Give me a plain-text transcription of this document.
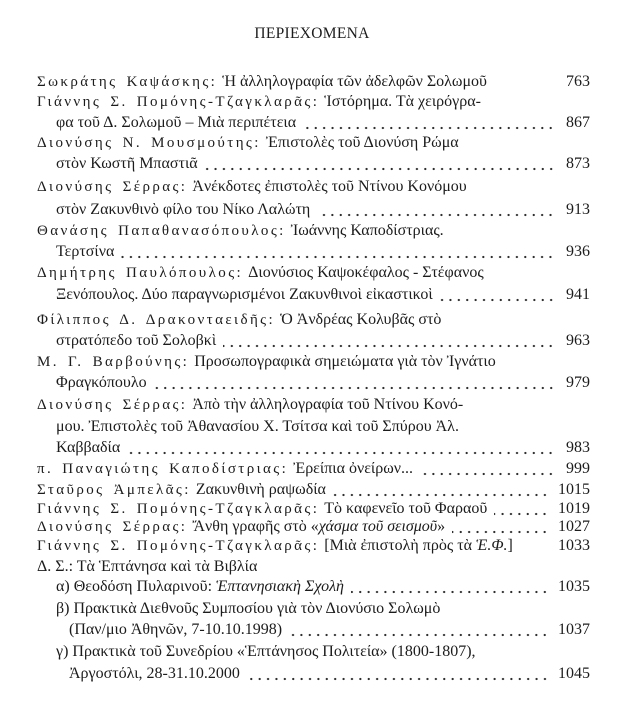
ΠΕΡΙΕΧΟΜΕΝΑ
Σωκράτης Καψάσκης: Ἡ ἀλληλογραφία τῶν ἀδελφῶν Σολωμοῦ	763
Γιάννης Σ. Πομόνης-Τζαγκλαρᾶς: Ἱστόρημα. Τὰ χειρόγρα-
φα τοῦ Δ. Σολωμοῦ – Μιὰ περιπέτεια	867
Διονύσης Ν. Μουσμούτης: Ἐπιστολὲς τοῦ Διονύση Ρώμα
στὸν Κωστῆ Μπαστιᾶ	873
Διονύσης Σέρρας: Ἀνέκδοτες ἐπιστολὲς τοῦ Ντίνου Κονόμου
στὸν Ζακυνθινὸ φίλο του Νίκο Λαλώτη	913
Θανάσης Παπαθανασόπουλος: Ἰωάννης Καποδίστριας.
Τερτσίνα	936
Δημήτρης Παυλόπουλος: Διονύσιος Καψοκέφαλος - Στέφανος
Ξενόπουλος. Δύο παραγνωρισμένοι Ζακυνθινοὶ εἰκαστικοὶ	941
Φίλιππος Δ. Δρακονταειδῆς: Ὁ Ἀνδρέας Κολυβᾶς στὸ
στρατόπεδο τοῦ Σολοβκὶ	963
Μ. Γ. Βαρβούνης: Προσωπογραφικὰ σημειώματα γιὰ τὸν Ἰγνάτιο
Φραγκόπουλο	979
Διονύσης Σέρρας: Ἀπὸ τὴν ἀλληλογραφία τοῦ Ντίνου Κονό-
μου. Ἐπιστολὲς τοῦ Ἀθανασίου Χ. Τσίτσα καὶ τοῦ Σπύρου Ἀλ.
Καββαδία	983
π. Παναγιώτης Καποδίστριας: Ἐρείπια ὀνείρων...	999
Σταῦρος Ἀμπελᾶς: Ζακυνθινὴ ραψωδία	1015
Γιάννης Σ. Πομόνης-Τζαγκλαρᾶς: Τὸ καφενεῖο τοῦ Φαραοῦ	1019
Διονύσης Σέρρας: Ἄνθη γραφῆς στὸ «χάσμα τοῦ σεισμοῦ»	1027
Γιάννης Σ. Πομόνης-Τζαγκλαρᾶς: [Μιὰ ἐπιστολὴ πρὸς τὰ Ἑ.Φ.]	1033
Δ. Σ.: Τὰ Ἑπτάνησα καὶ τὰ Βιβλία
α) Θεοδόση Πυλαρινοῦ: Ἑπτανησιακὴ Σχολὴ	1035
β) Πρακτικὰ Διεθνοῦς Συμποσίου γιὰ τὸν Διονύσιο Σολωμὸ
(Παν/μιο Ἀθηνῶν, 7-10.10.1998)	1037
γ) Πρακτικὰ τοῦ Συνεδρίου «Ἑπτάνησος Πολιτεία» (1800-1807),
Ἀργοστόλι, 28-31.10.2000	1045
